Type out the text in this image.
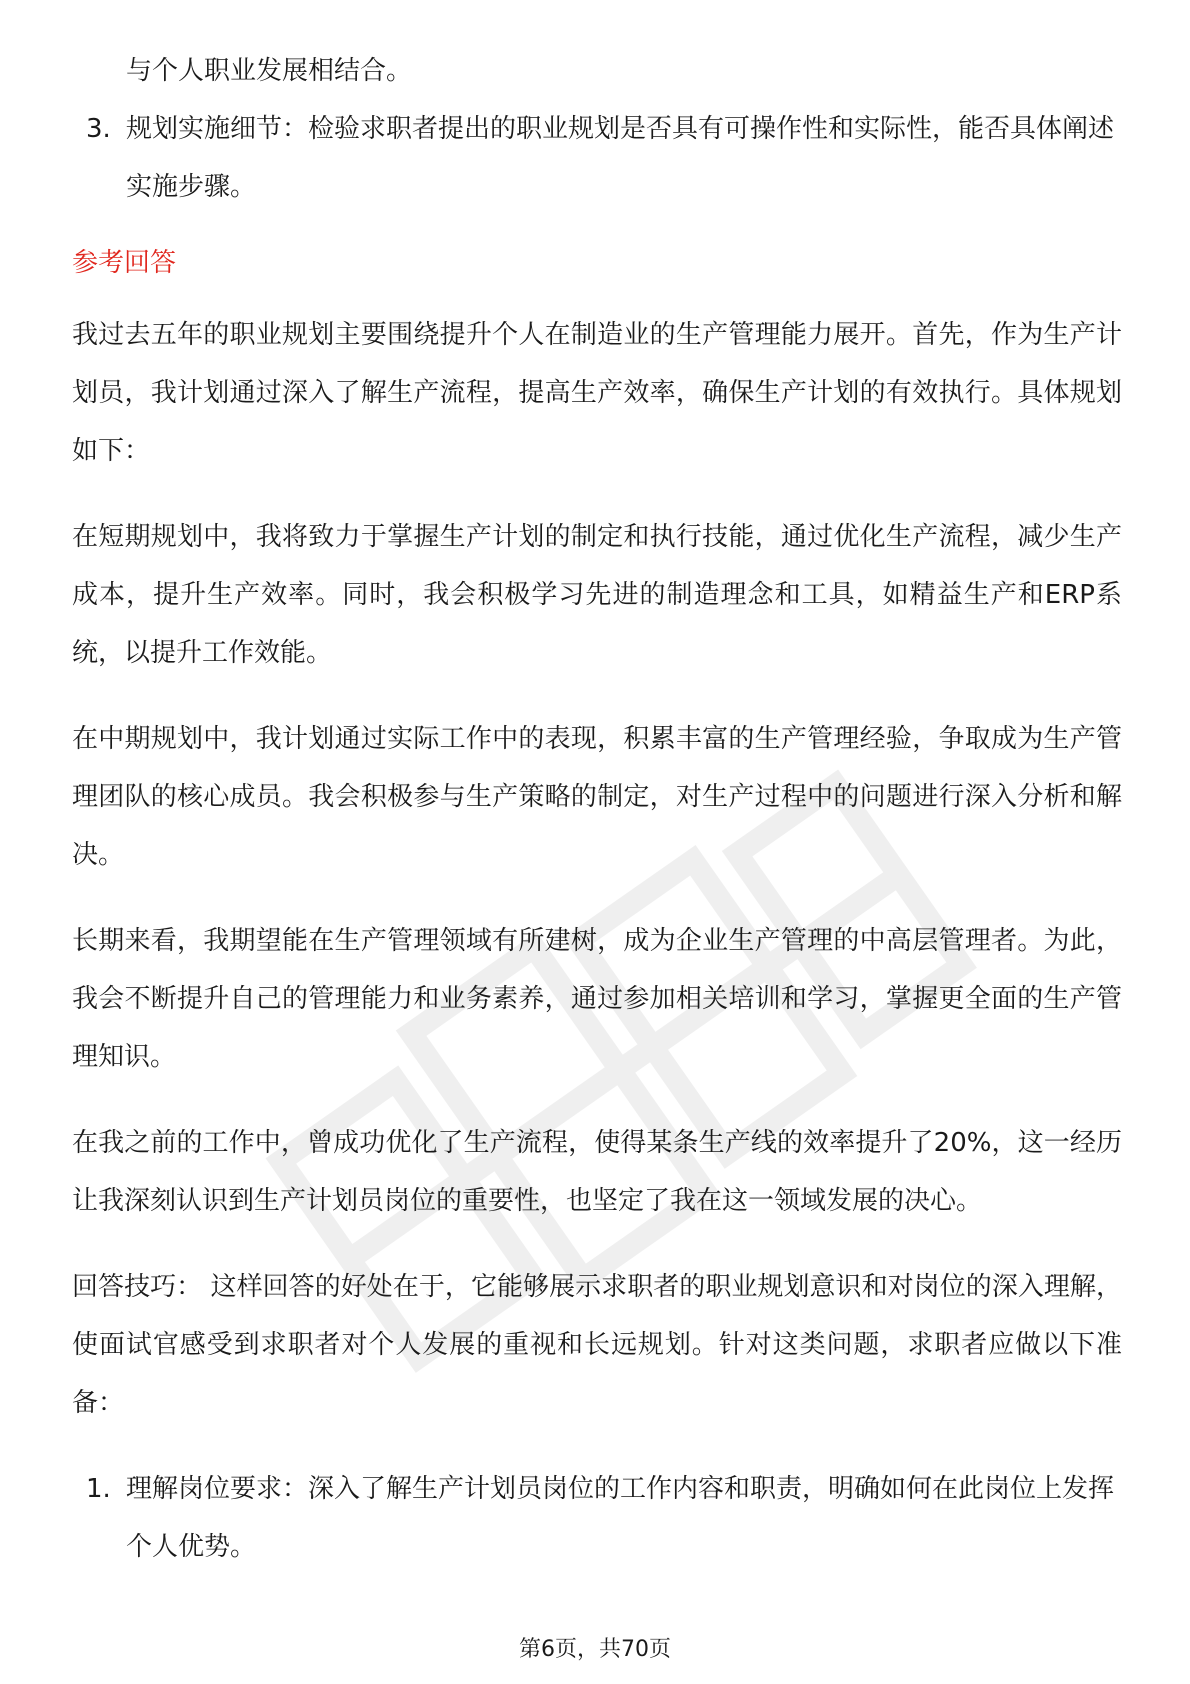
与个人职业发展相结合。
3. 规划实施细节：检验求职者提出的职业规划是否具有可操作性和实际性，能否具体阐述实施步骤。
参考回答

我过去五年的职业规划主要围绕提升个人在制造业的生产管理能力展开。首先，作为生产计划员，我计划通过深入了解生产流程，提高生产效率，确保生产计划的有效执行。具体规划如下：

在短期规划中，我将致力于掌握生产计划的制定和执行技能，通过优化生产流程，减少生产成本，提升生产效率。同时，我会积极学习先进的制造理念和工具，如精益生产和ERP系统，以提升工作效能。

在中期规划中，我计划通过实际工作中的表现，积累丰富的生产管理经验，争取成为生产管理团队的核心成员。我会积极参与生产策略的制定，对生产过程中的问题进行深入分析和解决。

长期来看，我期望能在生产管理领域有所建树，成为企业生产管理的中高层管理者。为此，我会不断提升自己的管理能力和业务素养，通过参加相关培训和学习，掌握更全面的生产管理知识。

在我之前的工作中，曾成功优化了生产流程，使得某条生产线的效率提升了20%，这一经历让我深刻认识到生产计划员岗位的重要性，也坚定了我在这一领域发展的决心。

回答技巧： 这样回答的好处在于，它能够展示求职者的职业规划意识和对岗位的深入理解，使面试官感受到求职者对个人发展的重视和长远规划。针对这类问题，求职者应做以下准备：

1. 理解岗位要求：深入了解生产计划员岗位的工作内容和职责，明确如何在此岗位上发挥个人优势。
第6页，共70页
